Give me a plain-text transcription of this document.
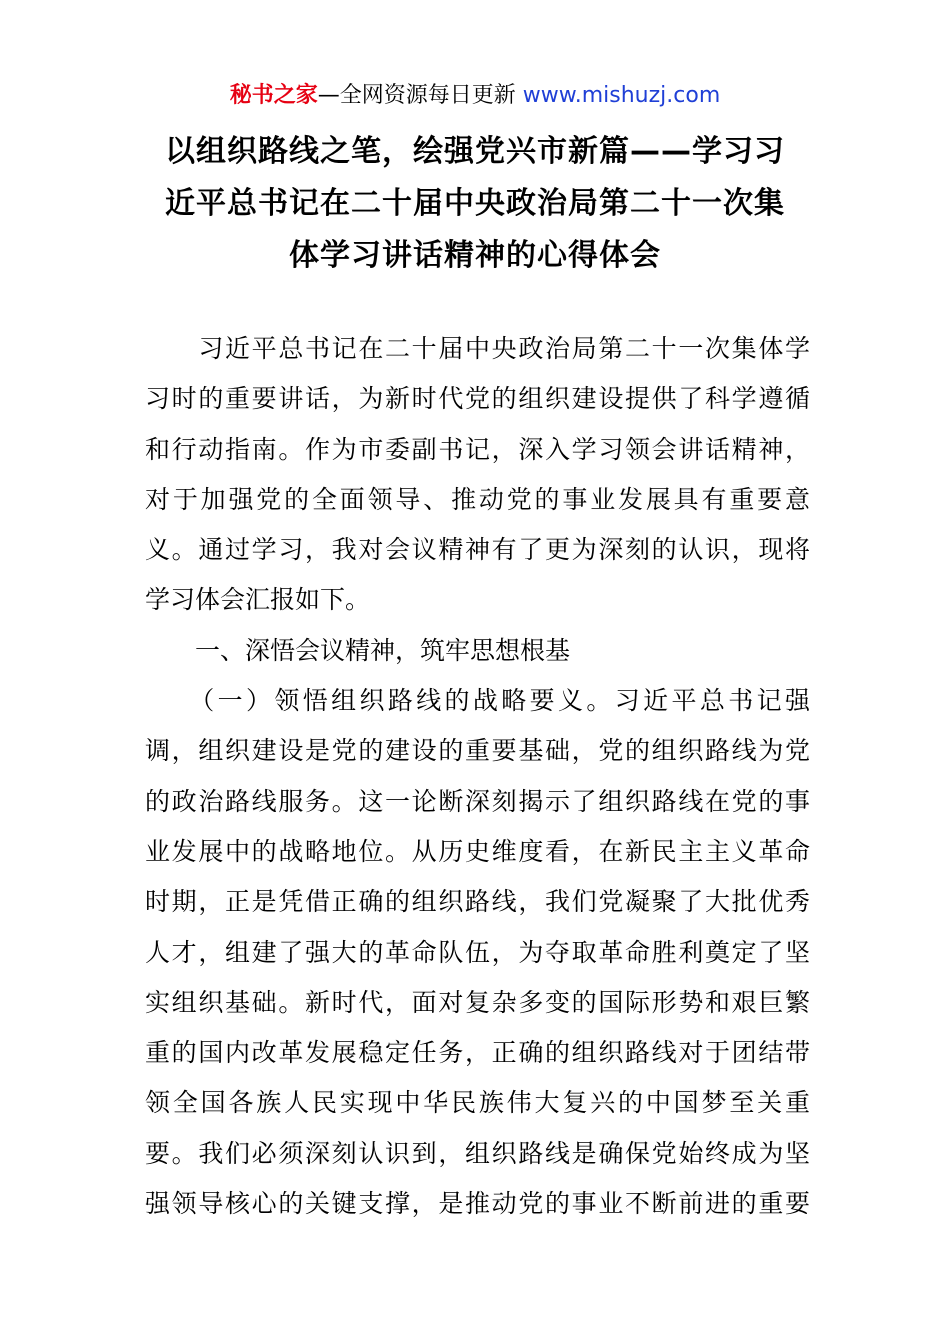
秘书之家—全网资源每日更新 www.mishuzj.com
以组织路线之笔，绘强党兴市新篇——学习习
近平总书记在二十届中央政治局第二十一次集
体学习讲话精神的心得体会
　　习近平总书记在二十届中央政治局第二十一次集体学
习时的重要讲话，为新时代党的组织建设提供了科学遵循
和行动指南。作为市委副书记，深入学习领会讲话精神，
对于加强党的全面领导、推动党的事业发展具有重要意
义。通过学习，我对会议精神有了更为深刻的认识，现将
学习体会汇报如下。
　　一、深悟会议精神，筑牢思想根基
　　（一）领悟组织路线的战略要义。习近平总书记强
调，组织建设是党的建设的重要基础，党的组织路线为党
的政治路线服务。这一论断深刻揭示了组织路线在党的事
业发展中的战略地位。从历史维度看，在新民主主义革命
时期，正是凭借正确的组织路线，我们党凝聚了大批优秀
人才，组建了强大的革命队伍，为夺取革命胜利奠定了坚
实组织基础。新时代，面对复杂多变的国际形势和艰巨繁
重的国内改革发展稳定任务，正确的组织路线对于团结带
领全国各族人民实现中华民族伟大复兴的中国梦至关重
要。我们必须深刻认识到，组织路线是确保党始终成为坚
强领导核心的关键支撑，是推动党的事业不断前进的重要
